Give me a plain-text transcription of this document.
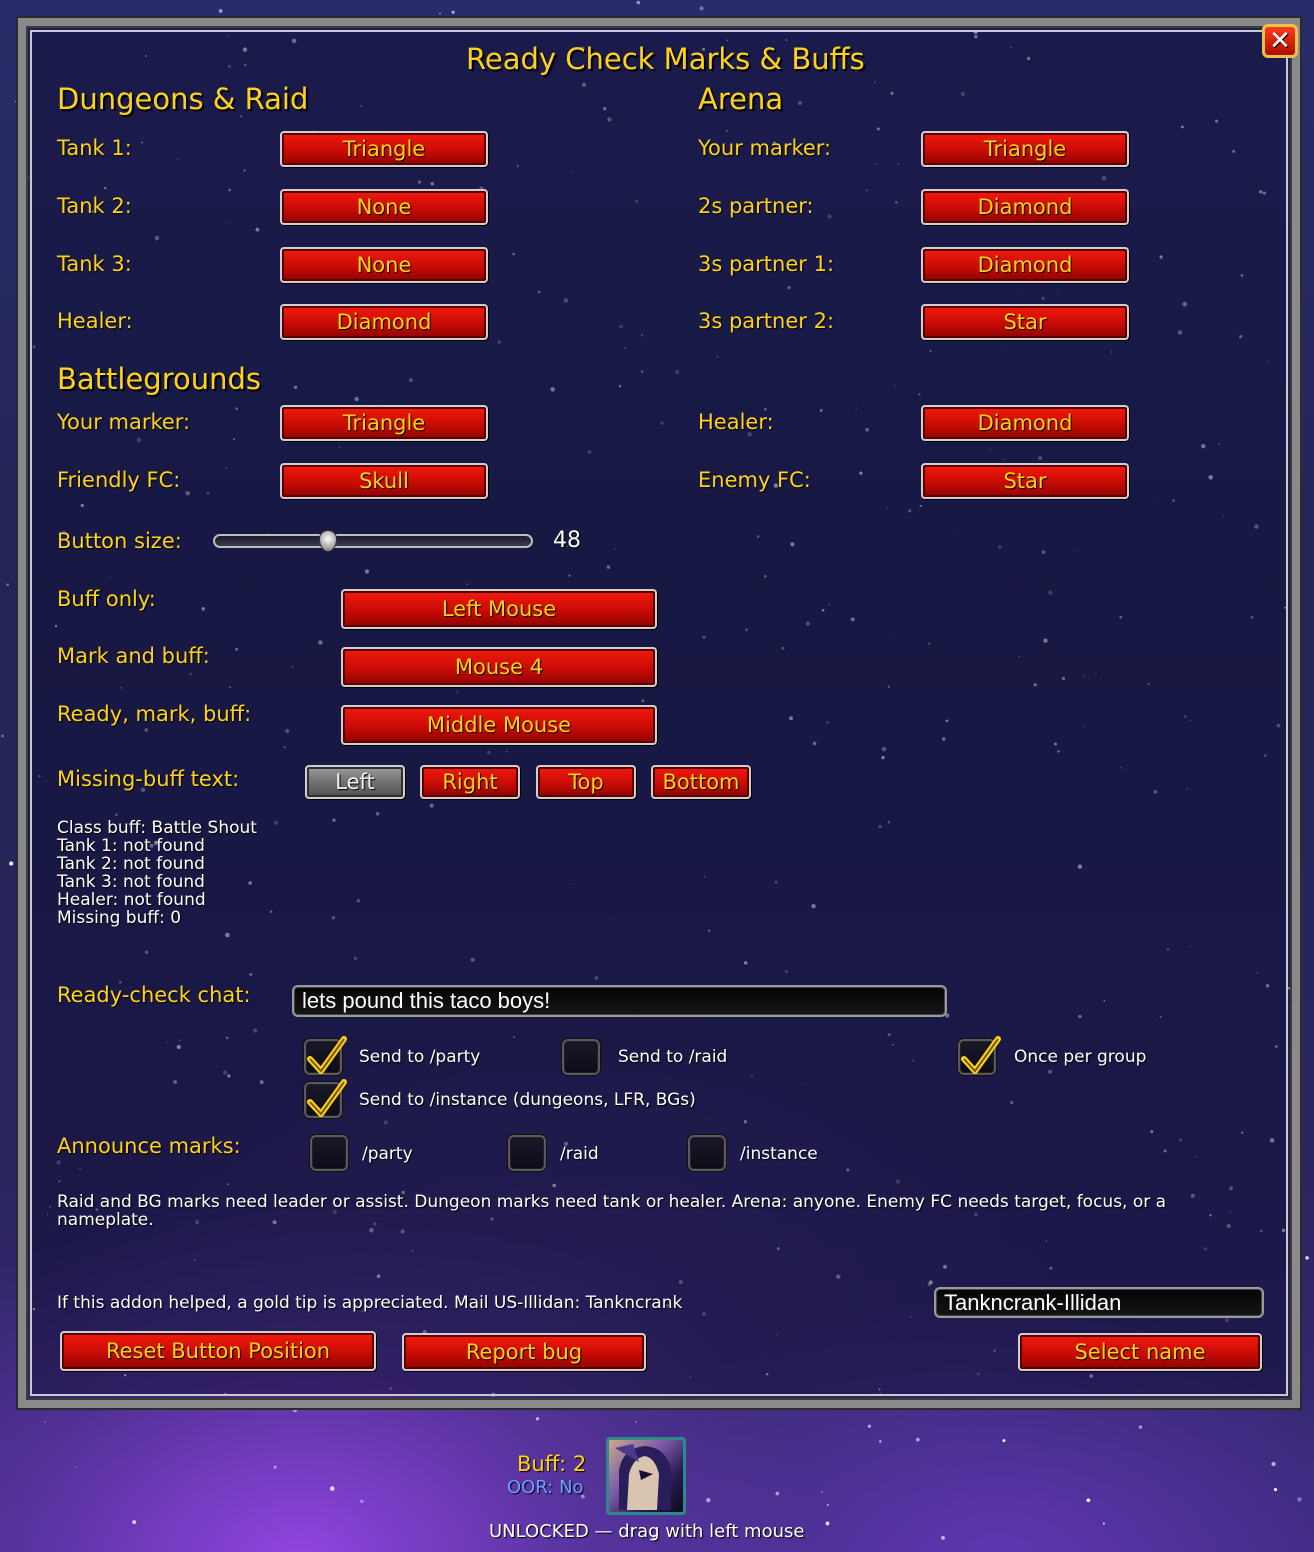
✕
Ready Check Marks & Buffs
Dungeons & Raid
Tank 1:	Triangle
Tank 2:	None
Tank 3:	None
Healer:	Diamond
Arena
Your marker:	Triangle
2s partner:	Diamond
3s partner 1:	Diamond
3s partner 2:	Star
Battlegrounds
Your marker:	Triangle	Healer:	Diamond
Friendly FC:	Skull	Enemy FC:	Star
Button size:	48
Buff only:	Left Mouse
Mark and buff:	Mouse 4
Ready, mark, buff:	Middle Mouse
Missing-buff text:	Left	Right	Top	Bottom
Class buff: Battle Shout
Tank 1: not found
Tank 2: not found
Tank 3: not found
Healer: not found
Missing buff: 0
Ready-check chat:	lets pound this taco boys!
Send to /party	Send to /raid	Once per group
Send to /instance (dungeons, LFR, BGs)
Announce marks:	/party	/raid	/instance
Raid and BG marks need leader or assist. Dungeon marks need tank or healer. Arena: anyone. Enemy FC needs target, focus, or a nameplate.
If this addon helped, a gold tip is appreciated. Mail US-Illidan: Tankncrank	Tankncrank-Illidan
Reset Button Position	Report bug	Select name
Buff: 2
OOR: No
UNLOCKED — drag with left mouse
